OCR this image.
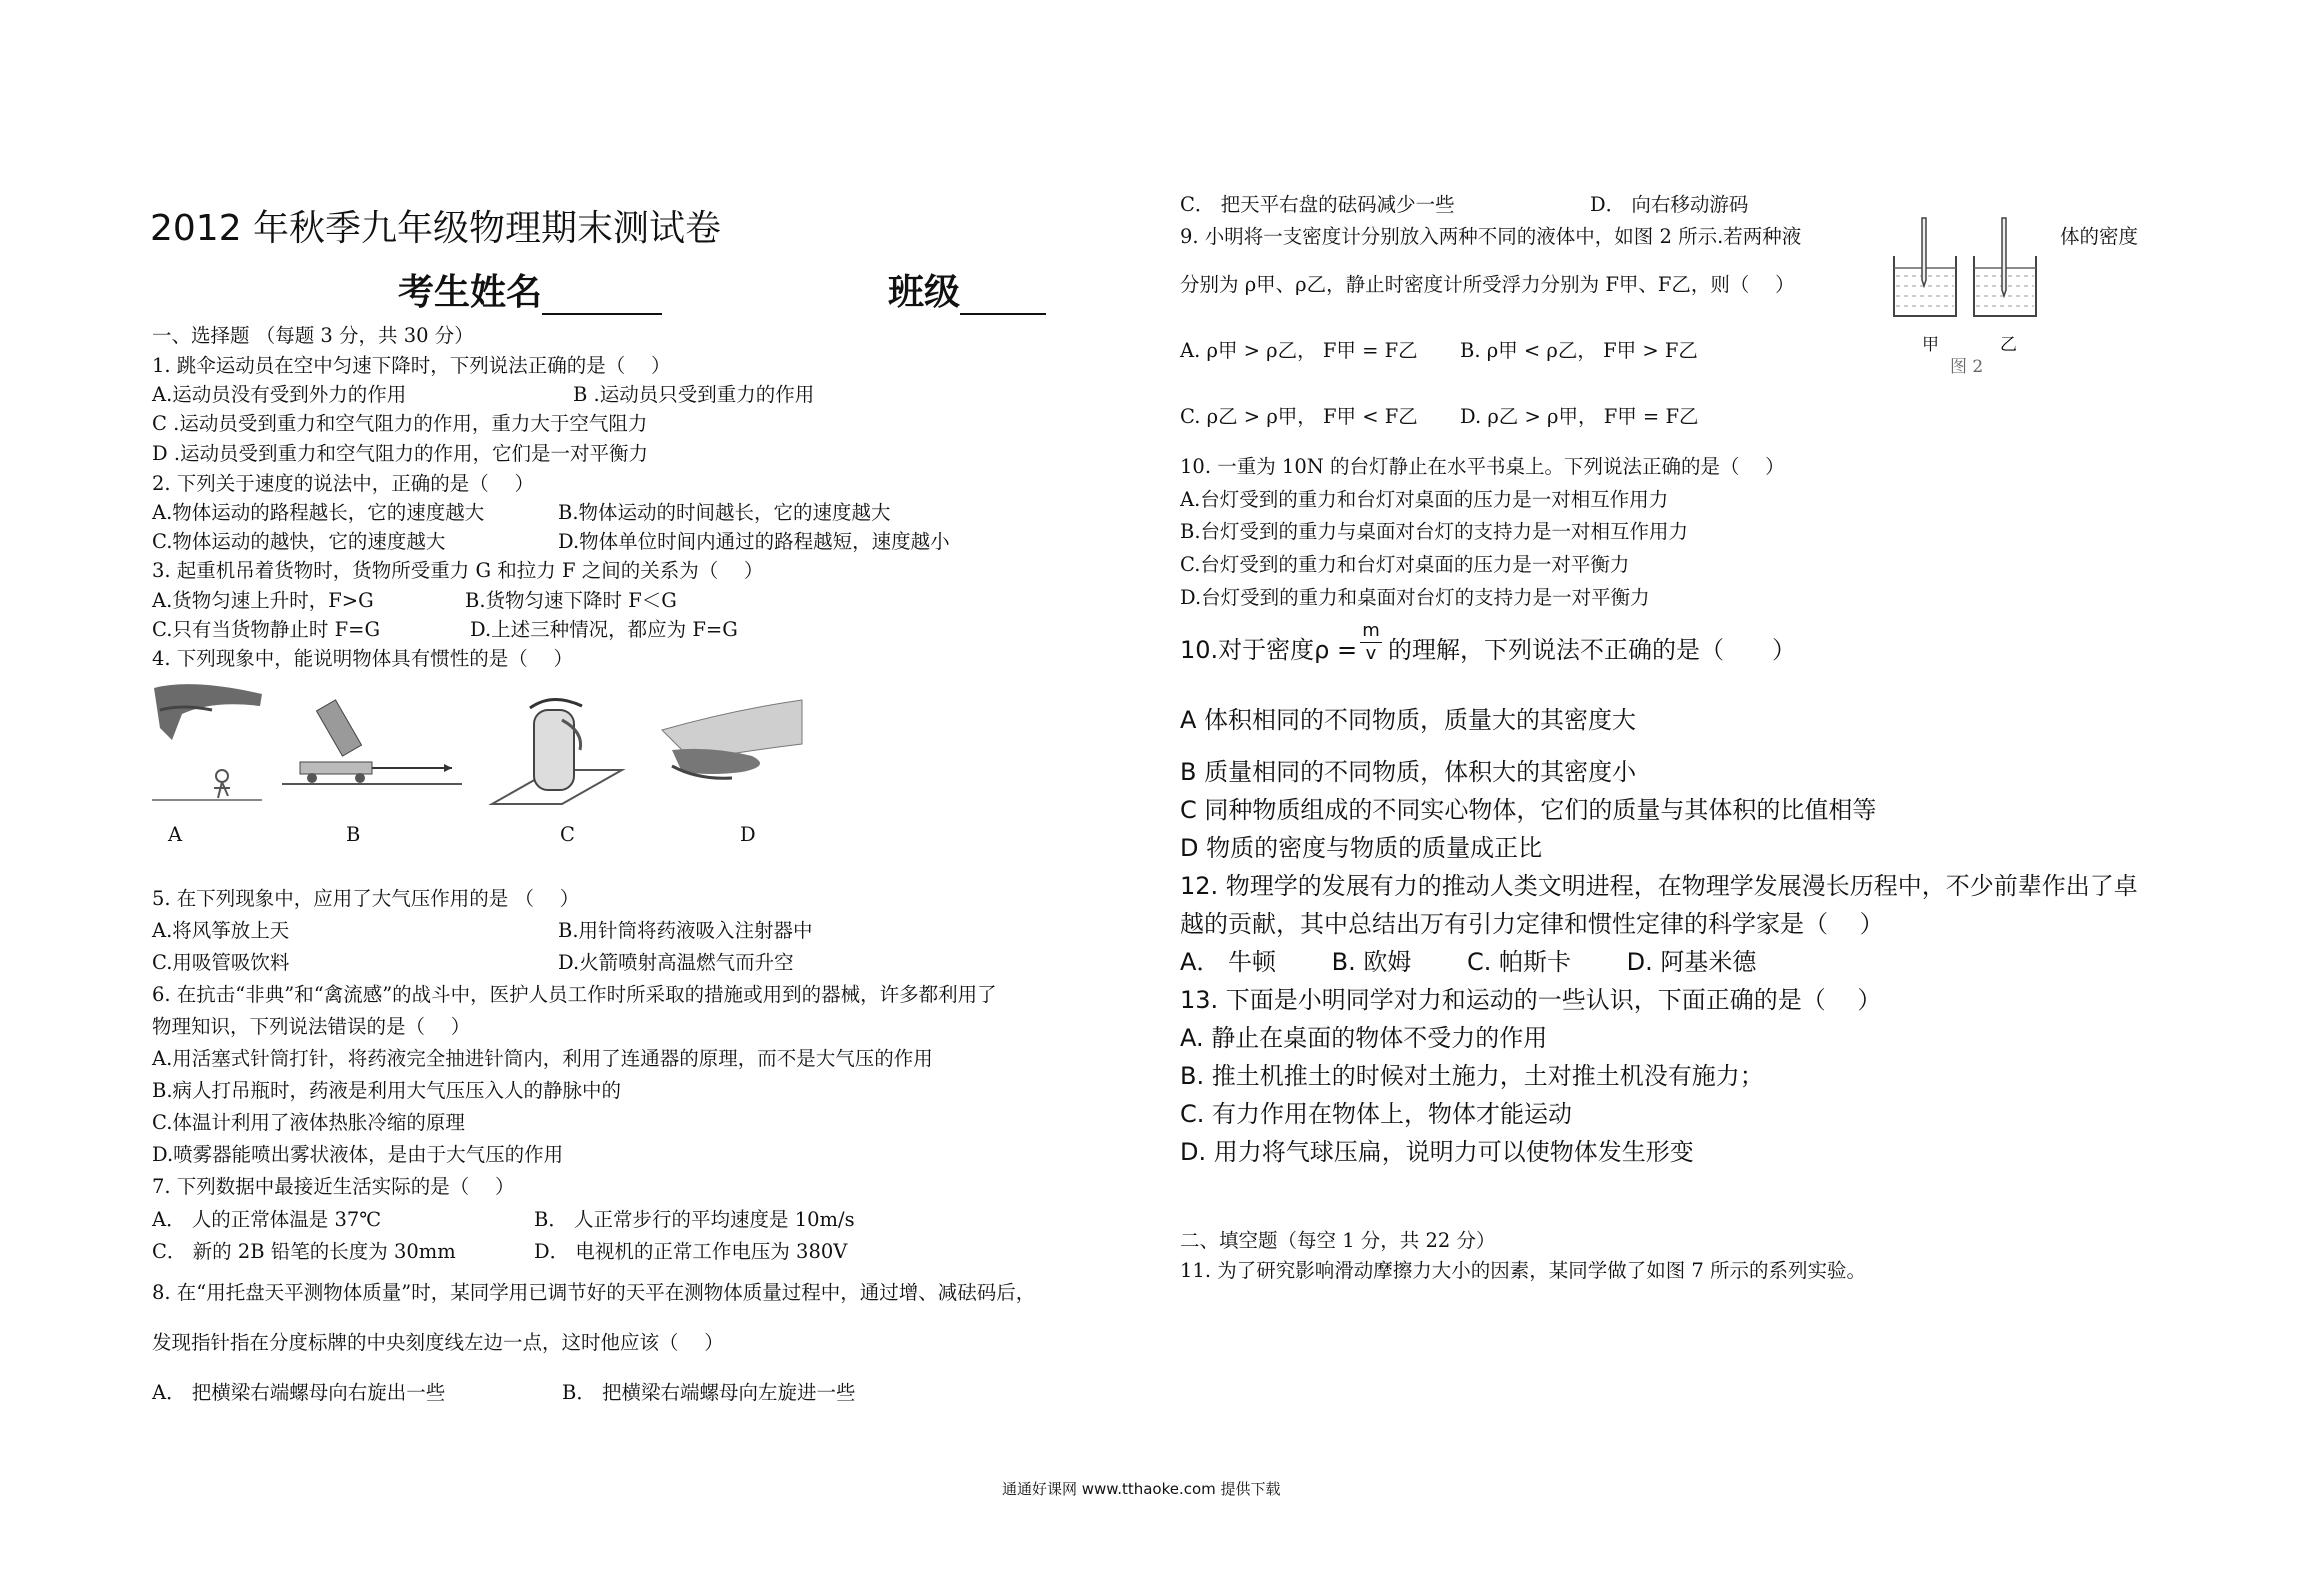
2012 年秋季九年级物理期末测试卷
考生姓名	班级
一、选择题 （每题 3 分，共 30 分）
1. 跳伞运动员在空中匀速下降时，下列说法正确的是（　 ）
A.运动员没有受到外力的作用	B .运动员只受到重力的作用
C .运动员受到重力和空气阻力的作用，重力大于空气阻力
D .运动员受到重力和空气阻力的作用，它们是一对平衡力
2. 下列关于速度的说法中，正确的是（　 ）
A.物体运动的路程越长，它的速度越大	B.物体运动的时间越长，它的速度越大
C.物体运动的越快，它的速度越大	D.物体单位时间内通过的路程越短，速度越小
3. 起重机吊着货物时，货物所受重力 G 和拉力 F 之间的关系为（　 ）
A.货物匀速上升时，F>G	B.货物匀速下降时 F＜G
C.只有当货物静止时 F=G	D.上述三种情况，都应为 F=G
4. 下列现象中，能说明物体具有惯性的是（　 ）
A	B	C	D
5. 在下列现象中，应用了大气压作用的是 （　 ）
A.将风筝放上天	B.用针筒将药液吸入注射器中
C.用吸管吸饮料	D.火箭喷射高温燃气而升空
6. 在抗击“非典”和“禽流感”的战斗中，医护人员工作时所采取的措施或用到的器械，许多都利用了
物理知识，下列说法错误的是（　 ）
A.用活塞式针筒打针，将药液完全抽进针筒内，利用了连通器的原理，而不是大气压的作用
B.病人打吊瓶时，药液是利用大气压压入人的静脉中的
C.体温计利用了液体热胀冷缩的原理
D.喷雾器能喷出雾状液体，是由于大气压的作用
7. 下列数据中最接近生活实际的是（　 ）
A． 人的正常体温是 37℃	B． 人正常步行的平均速度是 10m/s
C． 新的 2B 铅笔的长度为 30mm	D． 电视机的正常工作电压为 380V
8. 在“用托盘天平测物体质量”时，某同学用已调节好的天平在测物体质量过程中，通过增、减砝码后，
发现指针指在分度标牌的中央刻度线左边一点，这时他应该（　 ）
A． 把横梁右端螺母向右旋出一些	B． 把横梁右端螺母向左旋进一些
C． 把天平右盘的砝码减少一些	D． 向右移动游码
9. 小明将一支密度计分别放入两种不同的液体中，如图 2 所示.若两种液	体的密度
分别为 ρ甲、ρ乙，静止时密度计所受浮力分别为 F甲、F乙，则（　 ）
甲	乙
图 2
A. ρ甲 > ρ乙， F甲 = F乙 B. ρ甲 < ρ乙， F甲 > F乙
C. ρ乙 > ρ甲， F甲 < F乙 D. ρ乙 > ρ甲， F甲 = F乙
10. 一重为 10N 的台灯静止在水平书桌上。下列说法正确的是（　 ）
A.台灯受到的重力和台灯对桌面的压力是一对相互作用力
B.台灯受到的重力与桌面对台灯的支持力是一对相互作用力
C.台灯受到的重力和台灯对桌面的压力是一对平衡力
D.台灯受到的重力和桌面对台灯的支持力是一对平衡力
10.对于密度$\rho = \frac{m}{v}$ 的理解，下列说法不正确的是（　　）
A 体积相同的不同物质，质量大的其密度大
B 质量相同的不同物质，体积大的其密度小
C 同种物质组成的不同实心物体，它们的质量与其体积的比值相等
D 物质的密度与物质的质量成正比
12. 物理学的发展有力的推动人类文明进程，在物理学发展漫长历程中，不少前辈作出了卓
越的贡献，其中总结出万有引力定律和惯性定律的科学家是（　 ）
A． 牛顿　　 B. 欧姆　　 C. 帕斯卡　　 D. 阿基米德
13. 下面是小明同学对力和运动的一些认识，下面正确的是（　 ）
A. 静止在桌面的物体不受力的作用
B. 推土机推土的时候对土施力，土对推土机没有施力；
C. 有力作用在物体上，物体才能运动
D. 用力将气球压扁，说明力可以使物体发生形变
二、填空题（每空 1 分，共 22 分）
11. 为了研究影响滑动摩擦力大小的因素，某同学做了如图 7 所示的系列实验。
通通好课网 www.tthaoke.com 提供下载
